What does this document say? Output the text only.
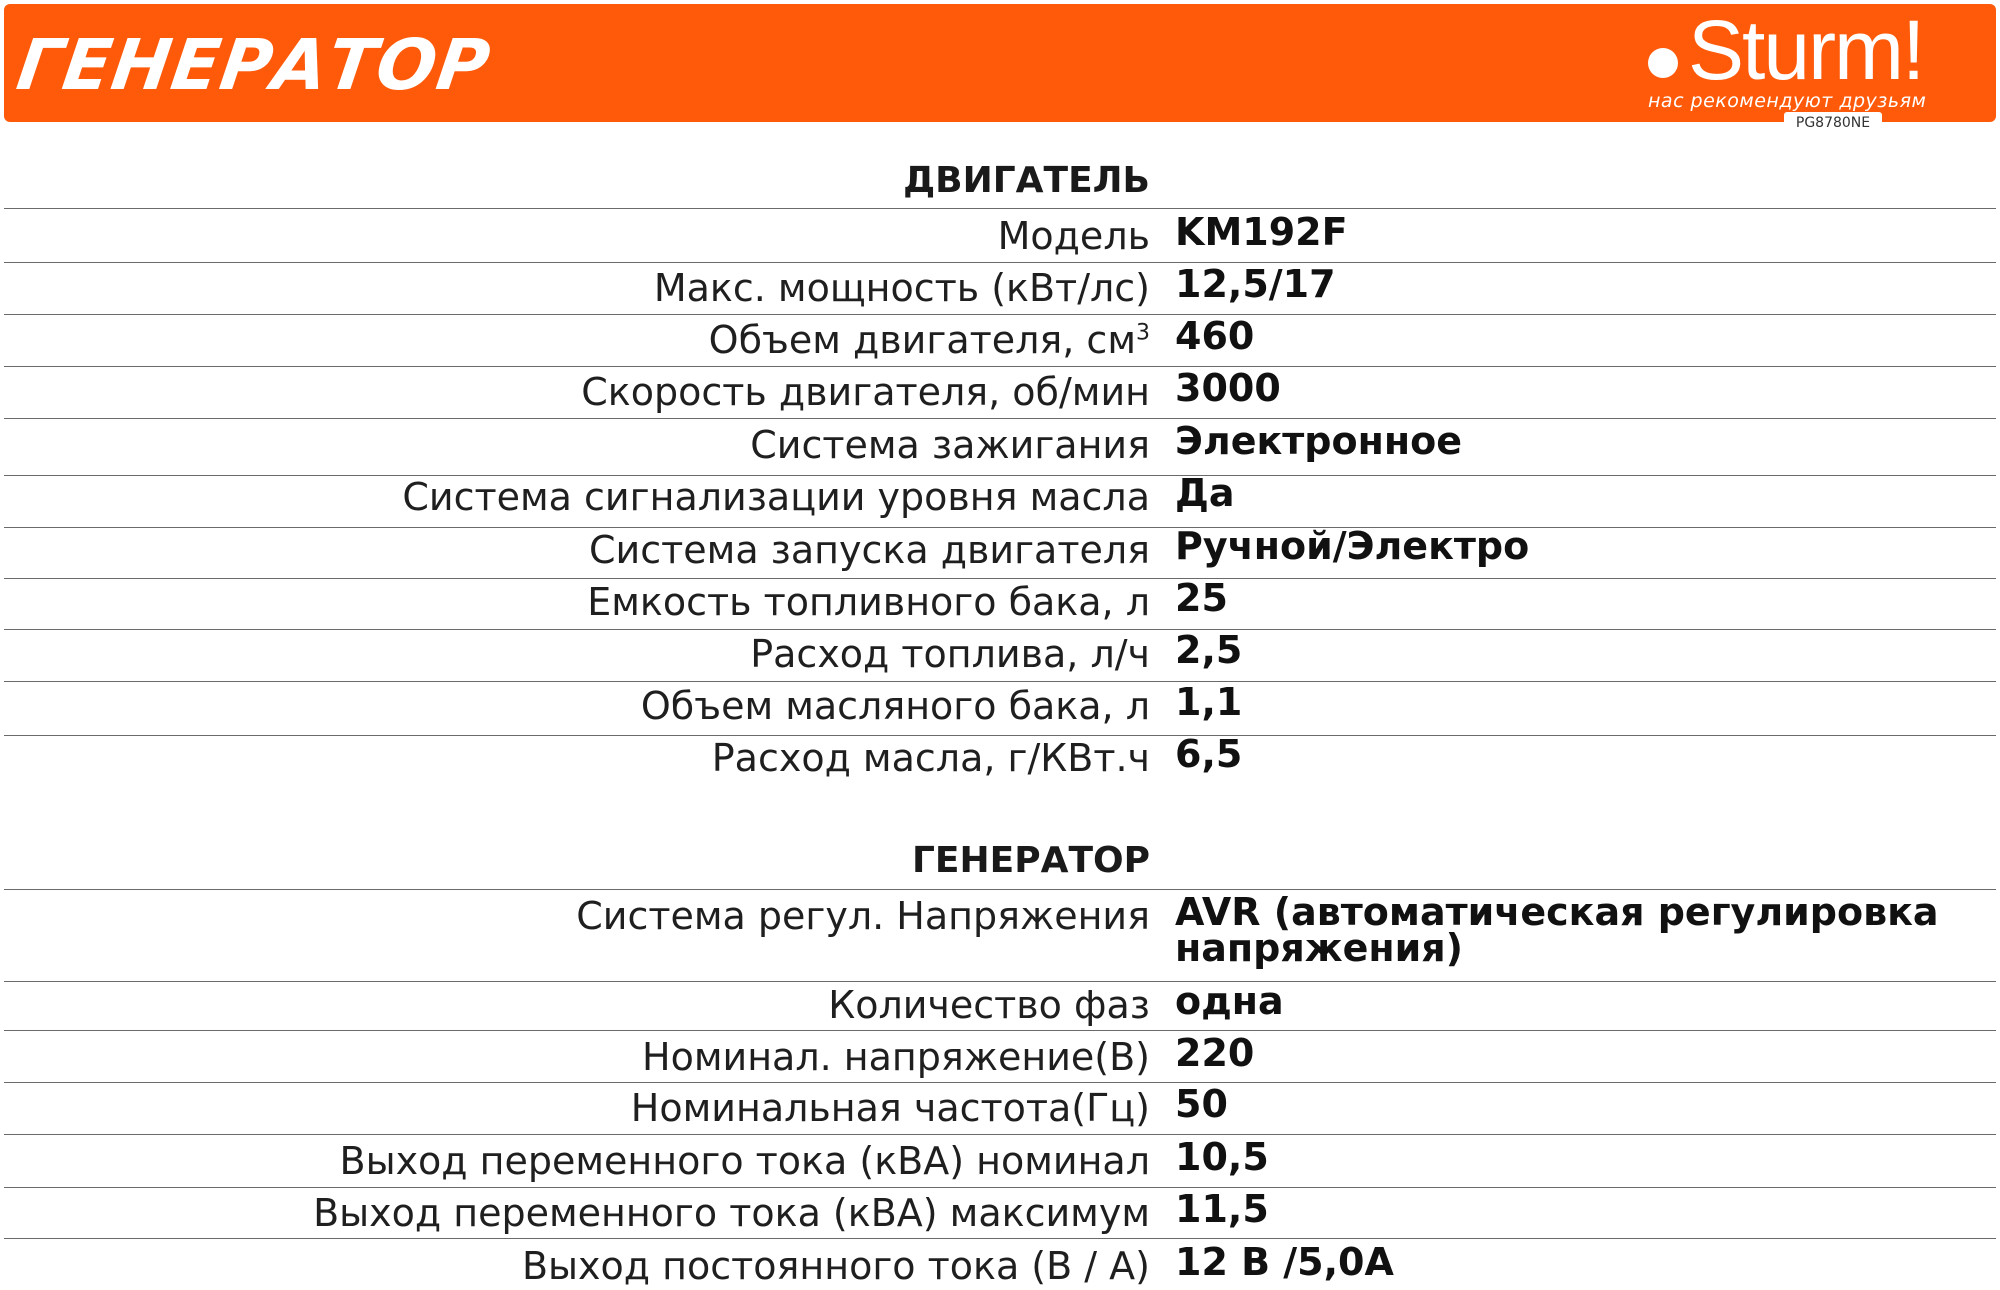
ГЕНЕРАТОР	Sturm!
нас рекомендуют друзьям
PG8780NE
ДВИГАТЕЛЬ
Модель KM192F
Макс. мощность (кВт/лс) 12,5/17
Объем двигателя, $см^3$ 460
Скорость двигателя, об/мин 3000
Система зажигания Электронное
Система сигнализации уровня масла Да
Система запуска двигателя Ручной/Электро
Емкость топливного бака, л 25
Расход топлива, л/ч 2,5
Объем масляного бака, л 1,1
Расход масла, г/КВт.ч 6,5
ГЕНЕРАТОР
Система регул. Напряжения AVR (автоматическая регулировка напряжения)
Количество фаз одна
Номинал. напряжение(В) 220
Номинальная частота(Гц) 50
Выход переменного тока (кВА) номинал 10,5
Выход переменного тока (кВА) максимум 11,5
Выход постоянного тока (В / А) 12 В /5,0А
